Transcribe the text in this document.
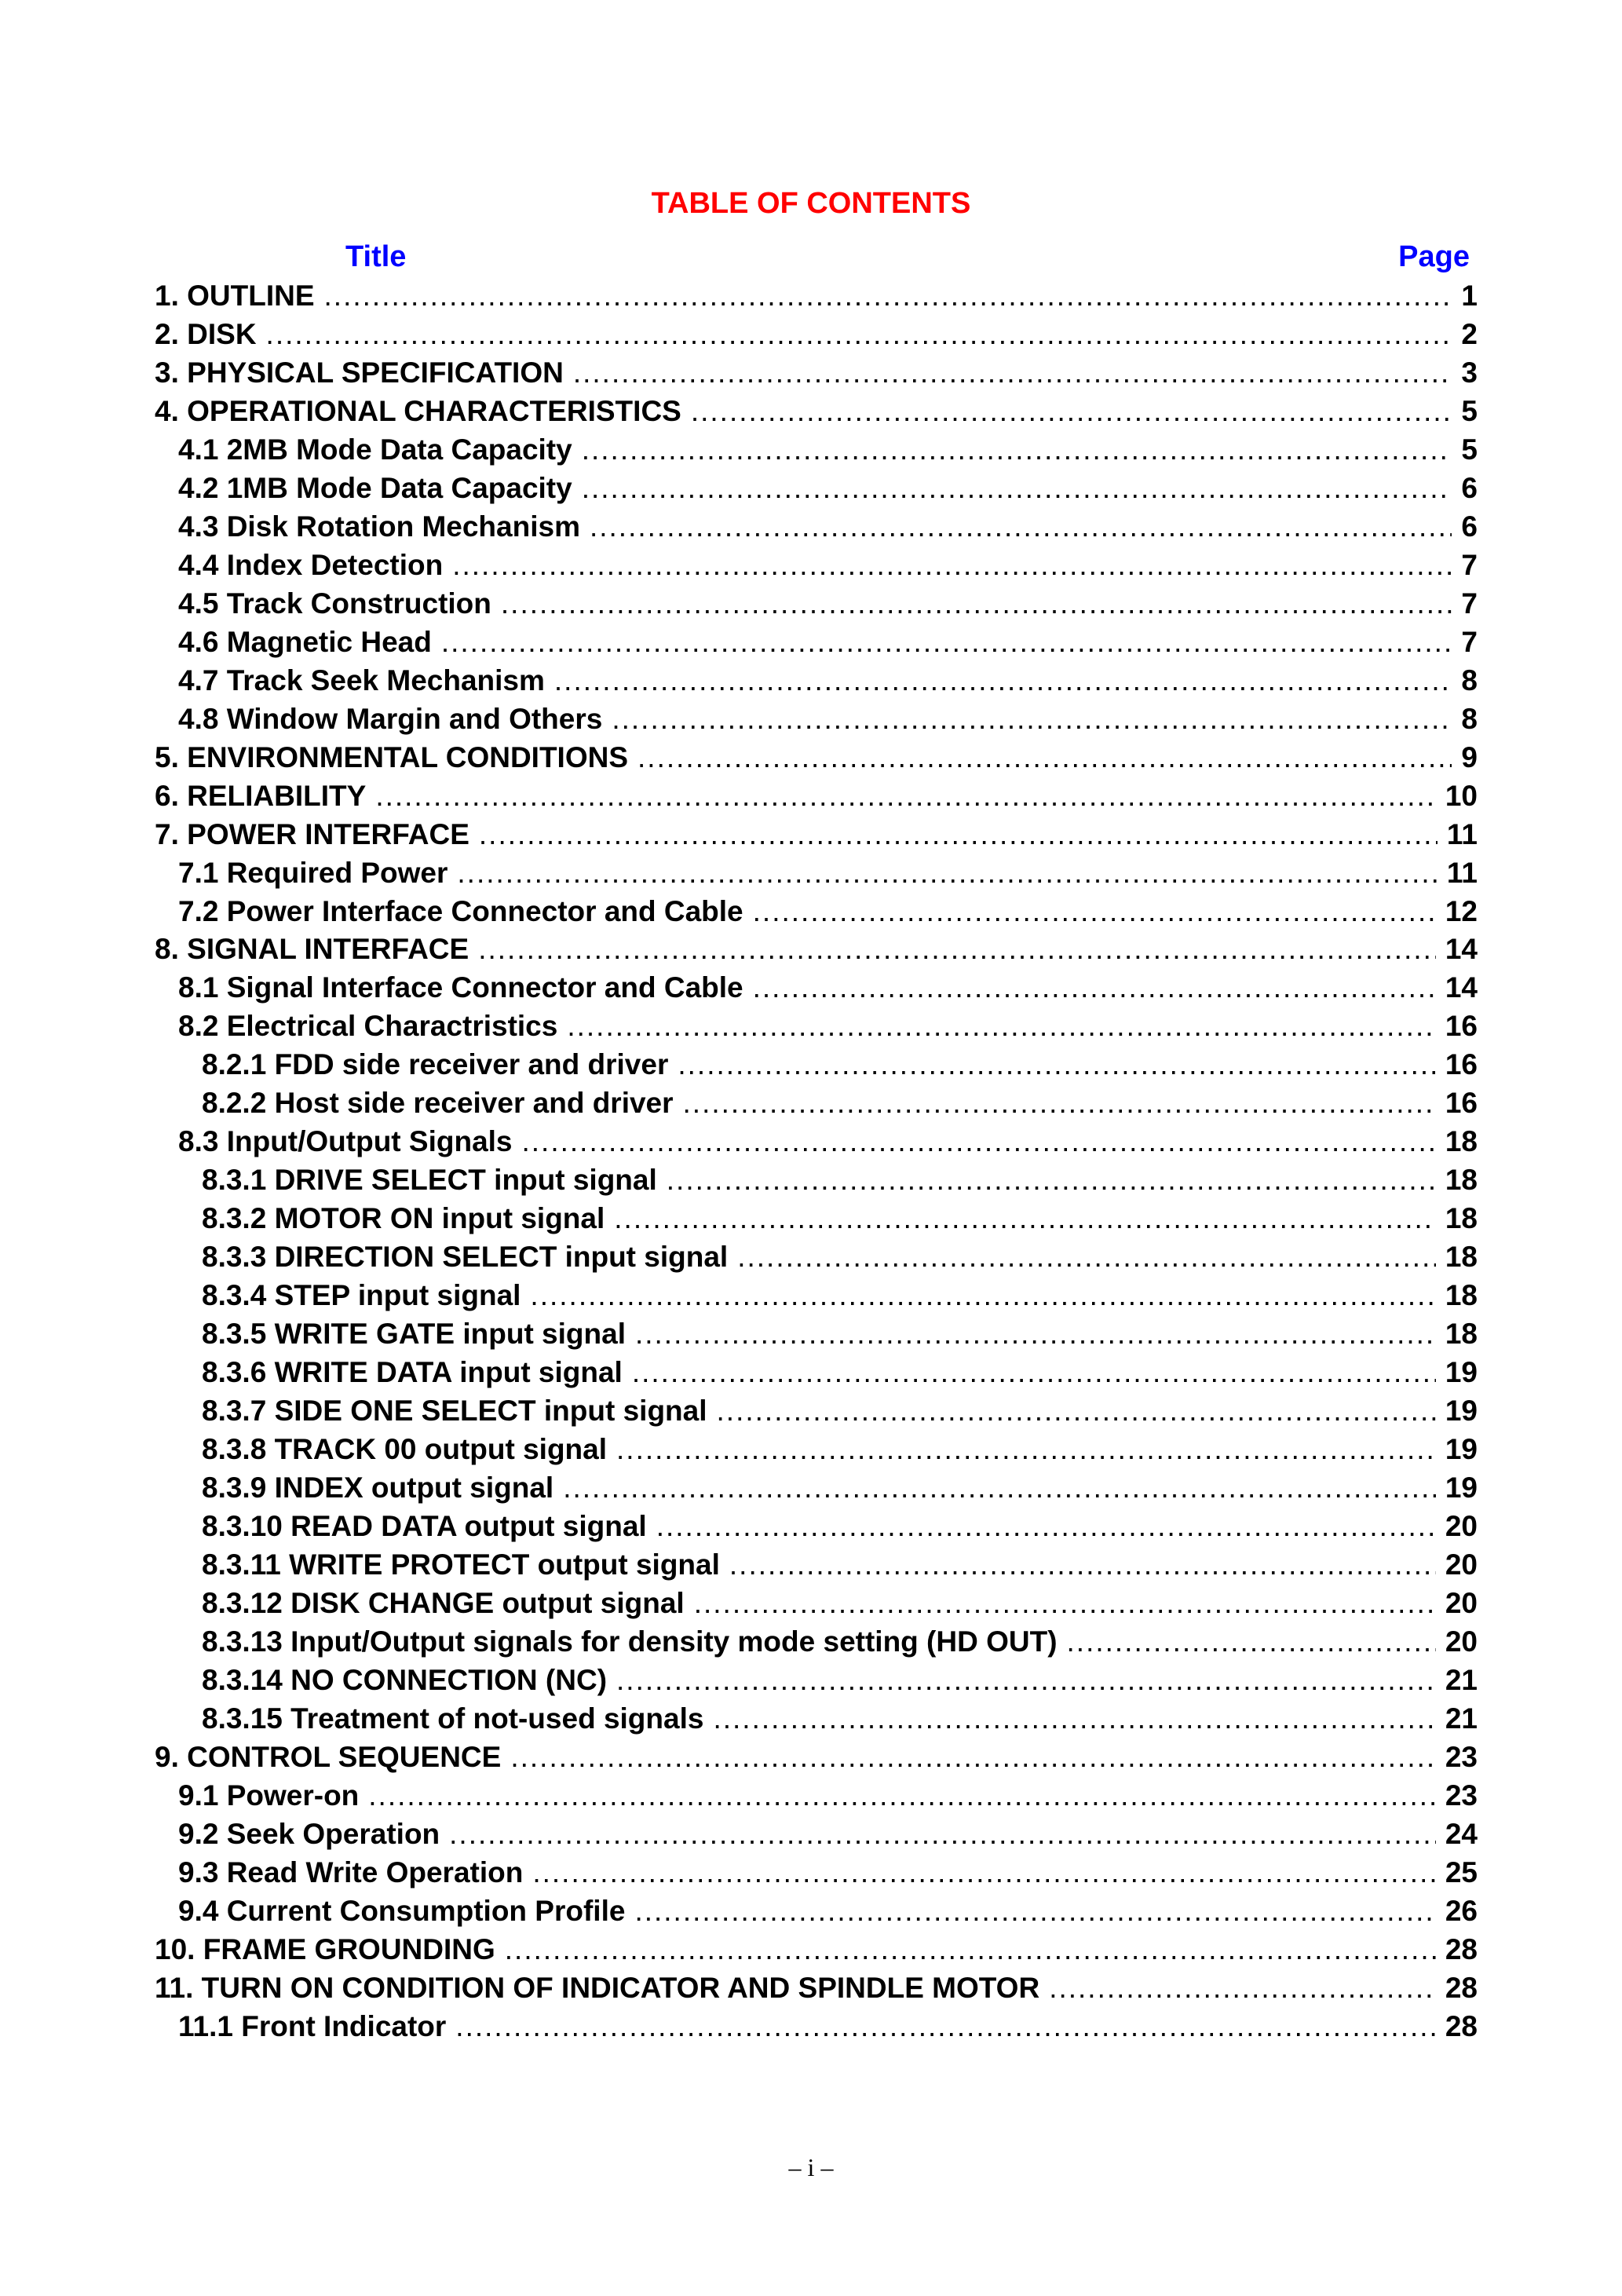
TABLE OF CONTENTS
Title	Page
1. OUTLINE .....	1
2. DISK .....	2
3. PHYSICAL SPECIFICATION .....	3
4. OPERATIONAL CHARACTERISTICS .....	5
4.1 2MB Mode Data Capacity .....	5
4.2 1MB Mode Data Capacity .....	6
4.3 Disk Rotation Mechanism .....	6
4.4 Index Detection .....	7
4.5 Track Construction .....	7
4.6 Magnetic Head .....	7
4.7 Track Seek Mechanism .....	8
4.8 Window Margin and Others .....	8
5. ENVIRONMENTAL CONDITIONS .....	9
6. RELIABILITY .....	10
7. POWER INTERFACE .....	11
7.1 Required Power .....	11
7.2 Power Interface Connector and Cable .....	12
8. SIGNAL INTERFACE .....	14
8.1 Signal Interface Connector and Cable .....	14
8.2 Electrical Charactristics .....	16
8.2.1 FDD side receiver and driver .....	16
8.2.2 Host side receiver and driver .....	16
8.3 Input/Output Signals .....	18
8.3.1 DRIVE SELECT input signal .....	18
8.3.2 MOTOR ON input signal .....	18
8.3.3 DIRECTION SELECT input signal .....	18
8.3.4 STEP input signal .....	18
8.3.5 WRITE GATE input signal .....	18
8.3.6 WRITE DATA input signal .....	19
8.3.7 SIDE ONE SELECT input signal .....	19
8.3.8 TRACK 00 output signal .....	19
8.3.9 INDEX output signal .....	19
8.3.10 READ DATA output signal .....	20
8.3.11 WRITE PROTECT output signal .....	20
8.3.12 DISK CHANGE output signal .....	20
8.3.13 Input/Output signals for density mode setting (HD OUT) .....	20
8.3.14 NO CONNECTION (NC) .....	21
8.3.15 Treatment of not-used signals .....	21
9. CONTROL SEQUENCE .....	23
9.1 Power-on .....	23
9.2 Seek Operation .....	24
9.3 Read Write Operation .....	25
9.4 Current Consumption Profile .....	26
10. FRAME GROUNDING .....	28
11. TURN ON CONDITION OF INDICATOR AND SPINDLE MOTOR .....	28
11.1 Front Indicator .....	28
– i –
